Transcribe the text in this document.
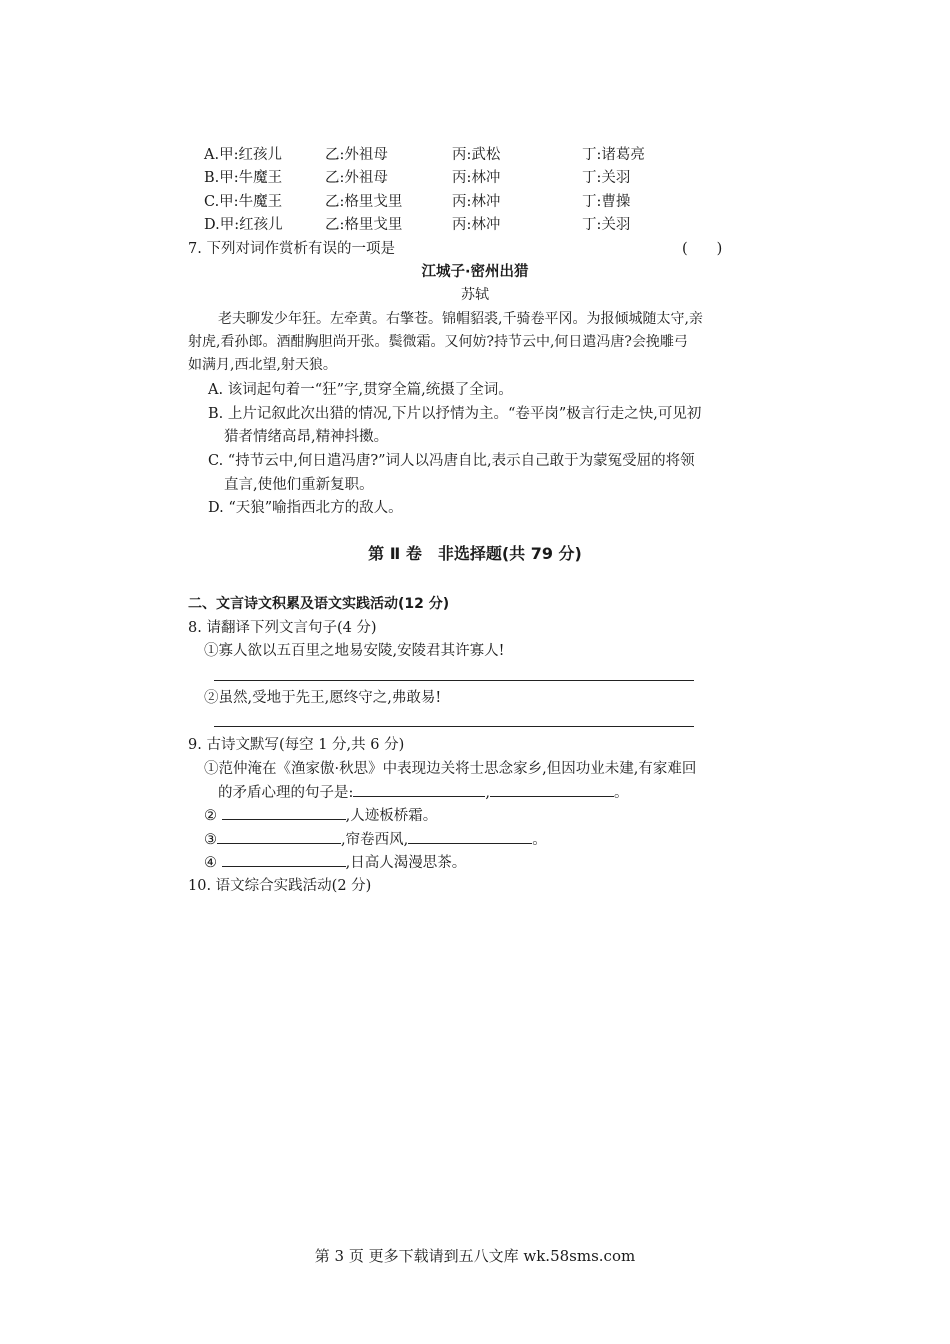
A.甲:红孩儿	乙:外祖母	丙:武松	丁:诸葛亮
B.甲:牛魔王	乙:外祖母	丙:林冲	丁:关羽
C.甲:牛魔王	乙:格里戈里	丙:林冲	丁:曹操
D.甲:红孩儿	乙:格里戈里	丙:林冲	丁:关羽
7. 下列对词作赏析有误的一项是	(　　)
江城子·密州出猎
苏轼
老夫聊发少年狂。左牵黄。右擎苍。锦帽貂裘,千骑卷平冈。为报倾城随太守,亲
射虎,看孙郎。酒酣胸胆尚开张。鬓微霜。又何妨?持节云中,何日遣冯唐?会挽雕弓
如满月,西北望,射天狼。
A. 该词起句着一“狂”字,贯穿全篇,统摄了全词。
B. 上片记叙此次出猎的情况,下片以抒情为主。“卷平岗”极言行走之快,可见初
猎者情绪高昂,精神抖擞。
C. “持节云中,何日遣冯唐?”词人以冯唐自比,表示自己敢于为蒙冤受屈的将领
直言,使他们重新复职。
D. “天狼”喻指西北方的敌人。
第 Ⅱ 卷　非选择题(共 79 分)
二、文言诗文积累及语文实践活动(12 分)
8. 请翻译下列文言句子(4 分)
①寡人欲以五百里之地易安陵,安陵君其许寡人!
②虽然,受地于先王,愿终守之,弗敢易!
9. 古诗文默写(每空 1 分,共 6 分)
①范仲淹在《渔家傲·秋思》中表现边关将士思念家乡,但因功业未建,有家难回
的矛盾心理的句子是:	,	。
②	,人迹板桥霜。
③	,帘卷西风,	。
④	,日高人渴漫思茶。
10. 语文综合实践活动(2 分)
第 3 页 更多下载请到五八文库 wk.58sms.com
